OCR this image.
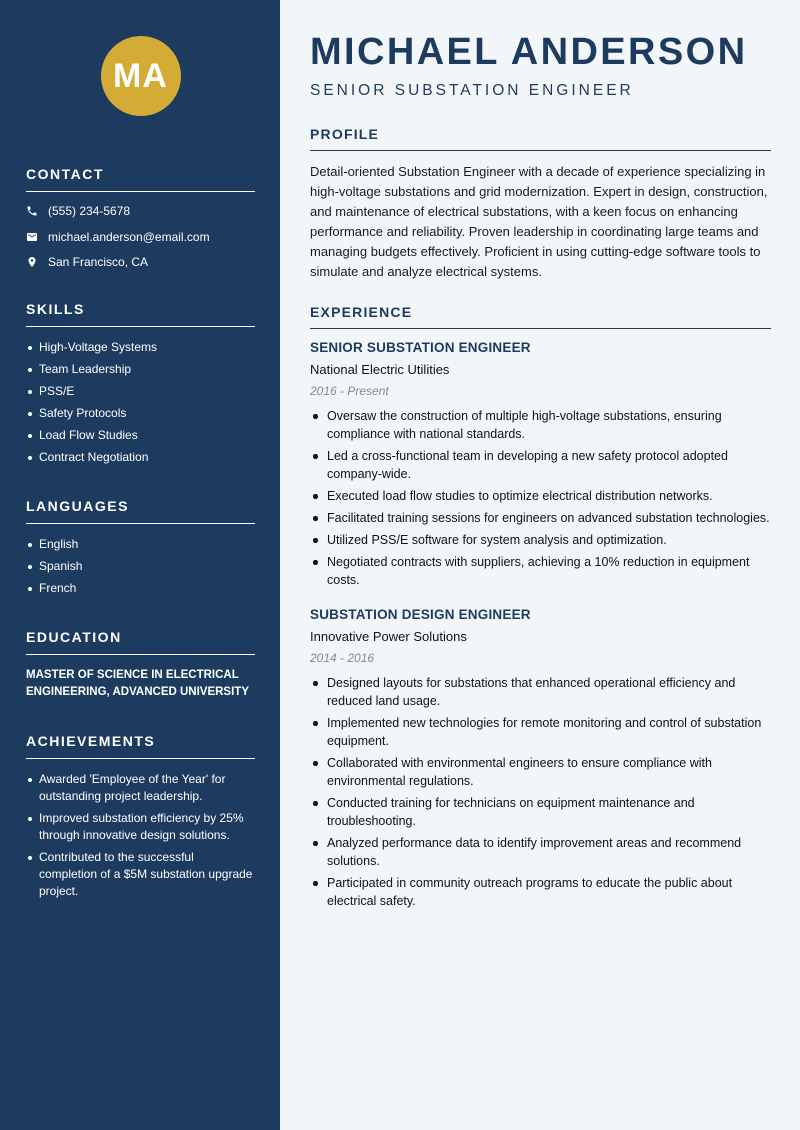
MA
CONTACT
(555) 234-5678
michael.anderson@email.com
San Francisco, CA
SKILLS
High-Voltage Systems
Team Leadership
PSS/E
Safety Protocols
Load Flow Studies
Contract Negotiation
LANGUAGES
English
Spanish
French
EDUCATION
MASTER OF SCIENCE IN ELECTRICAL ENGINEERING, ADVANCED UNIVERSITY
ACHIEVEMENTS
Awarded 'Employee of the Year' for outstanding project leadership.
Improved substation efficiency by 25% through innovative design solutions.
Contributed to the successful completion of a $5M substation upgrade project.
MICHAEL ANDERSON
SENIOR SUBSTATION ENGINEER
PROFILE

Detail-oriented Substation Engineer with a decade of experience specializing in high-voltage substations and grid modernization. Expert in design, construction, and maintenance of electrical substations, with a keen focus on enhancing performance and reliability. Proven leadership in coordinating large teams and managing budgets effectively. Proficient in using cutting-edge software tools to simulate and analyze electrical systems.

EXPERIENCE
SENIOR SUBSTATION ENGINEER
National Electric Utilities
2016 - Present
Oversaw the construction of multiple high-voltage substations, ensuring compliance with national standards.
Led a cross-functional team in developing a new safety protocol adopted company-wide.
Executed load flow studies to optimize electrical distribution networks.
Facilitated training sessions for engineers on advanced substation technologies.
Utilized PSS/E software for system analysis and optimization.
Negotiated contracts with suppliers, achieving a 10% reduction in equipment costs.
SUBSTATION DESIGN ENGINEER
Innovative Power Solutions
2014 - 2016
Designed layouts for substations that enhanced operational efficiency and reduced land usage.
Implemented new technologies for remote monitoring and control of substation equipment.
Collaborated with environmental engineers to ensure compliance with environmental regulations.
Conducted training for technicians on equipment maintenance and troubleshooting.
Analyzed performance data to identify improvement areas and recommend solutions.
Participated in community outreach programs to educate the public about electrical safety.
